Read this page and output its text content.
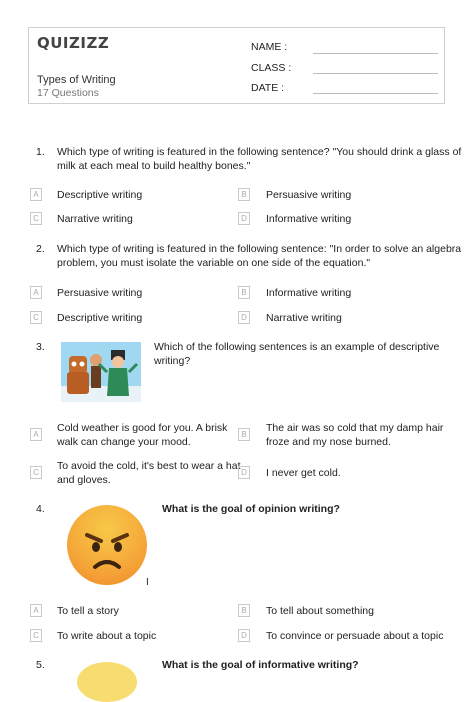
QUIZIZZ
Types of Writing
17 Questions
NAME :
CLASS :
DATE :
1. Which type of writing is featured in the following sentence? "You should drink a glass of
milk at each meal to build healthy bones."
A	Descriptive writing	B	Persuasive writing
C Narrative writing	D Informative writing
2. Which type of writing is featured in the following sentence: "In order to solve an algebra
problem, you must isolate the variable on one side of the equation."
A	Persuasive writing	B	Informative writing
C Descriptive writing	D Narrative writing
3.	Which of the following sentences is an example of descriptive
writing?
A
Cold weather is good for you. A brisk
walk can change your mood.
B
The air was so cold that my damp hair
froze and my nose burned.
C
To avoid the cold, it's best to wear a hat
and gloves.
D I never get cold.
4.
I
What is the goal of opinion writing?
A	To tell a story	B	To tell about something
C To write about a topic	D To convince or persuade about a topic
5.	What is the goal of informative writing?
